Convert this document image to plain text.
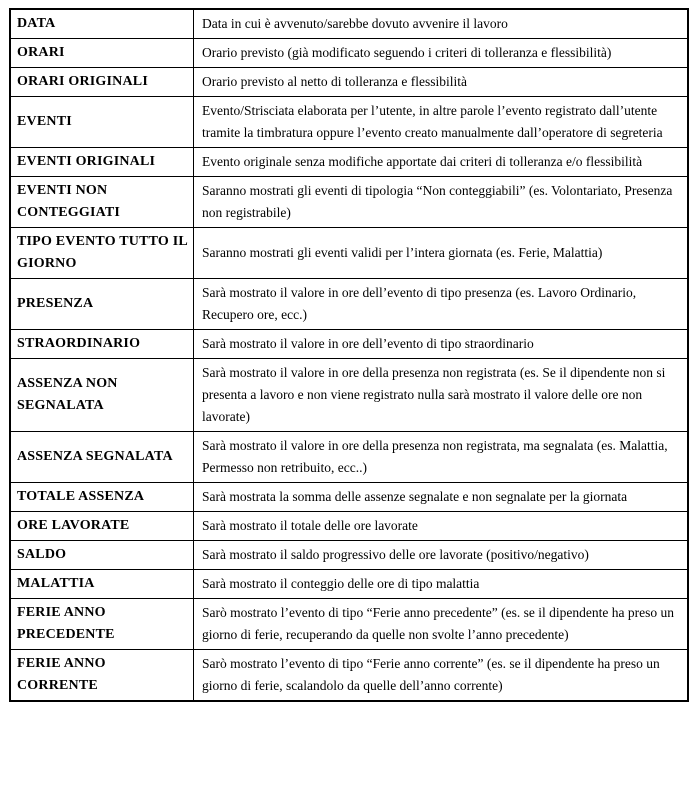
DATA	Data in cui è avvenuto/sarebbe dovuto avvenire il lavoro
ORARI	Orario previsto (già modificato seguendo i criteri di tolleranza e flessibilità)
ORARI ORIGINALI	Orario previsto al netto di tolleranza e flessibilità
EVENTI	Evento/Strisciata elaborata per l’utente, in altre parole l’evento registrato dall’utente tramite la timbratura oppure l’evento creato manualmente dall’operatore di segreteria
EVENTI ORIGINALI	Evento originale senza modifiche apportate dai criteri di tolleranza e/o flessibilità
EVENTI NON CONTEGGIATI	Saranno mostrati gli eventi di tipologia “Non conteggiabili” (es. Volontariato, Presenza non registrabile)
TIPO EVENTO TUTTO IL GIORNO	Saranno mostrati gli eventi validi per l’intera giornata (es. Ferie, Malattia)
PRESENZA	Sarà mostrato il valore in ore dell’evento di tipo presenza (es. Lavoro Ordinario, Recupero ore, ecc.)
STRAORDINARIO	Sarà mostrato il valore in ore dell’evento di tipo straordinario
ASSENZA NON SEGNALATA	Sarà mostrato il valore in ore della presenza non registrata (es. Se il dipendente non si presenta a lavoro e non viene registrato nulla sarà mostrato il valore delle ore non lavorate)
ASSENZA SEGNALATA	Sarà mostrato il valore in ore della presenza non registrata, ma segnalata (es. Malattia, Permesso non retribuito, ecc..)
TOTALE ASSENZA	Sarà mostrata la somma delle assenze segnalate e non segnalate per la giornata
ORE LAVORATE	Sarà mostrato il totale delle ore lavorate
SALDO	Sarà mostrato il saldo progressivo delle ore lavorate (positivo/negativo)
MALATTIA	Sarà mostrato il conteggio delle ore di tipo malattia
FERIE ANNO PRECEDENTE	Sarò mostrato l’evento di tipo “Ferie anno precedente” (es. se il dipendente ha preso un giorno di ferie, recuperando da quelle non svolte l’anno precedente)
FERIE ANNO CORRENTE	Sarò mostrato l’evento di tipo “Ferie anno corrente” (es. se il dipendente ha preso un giorno di ferie, scalandolo da quelle dell’anno corrente)
